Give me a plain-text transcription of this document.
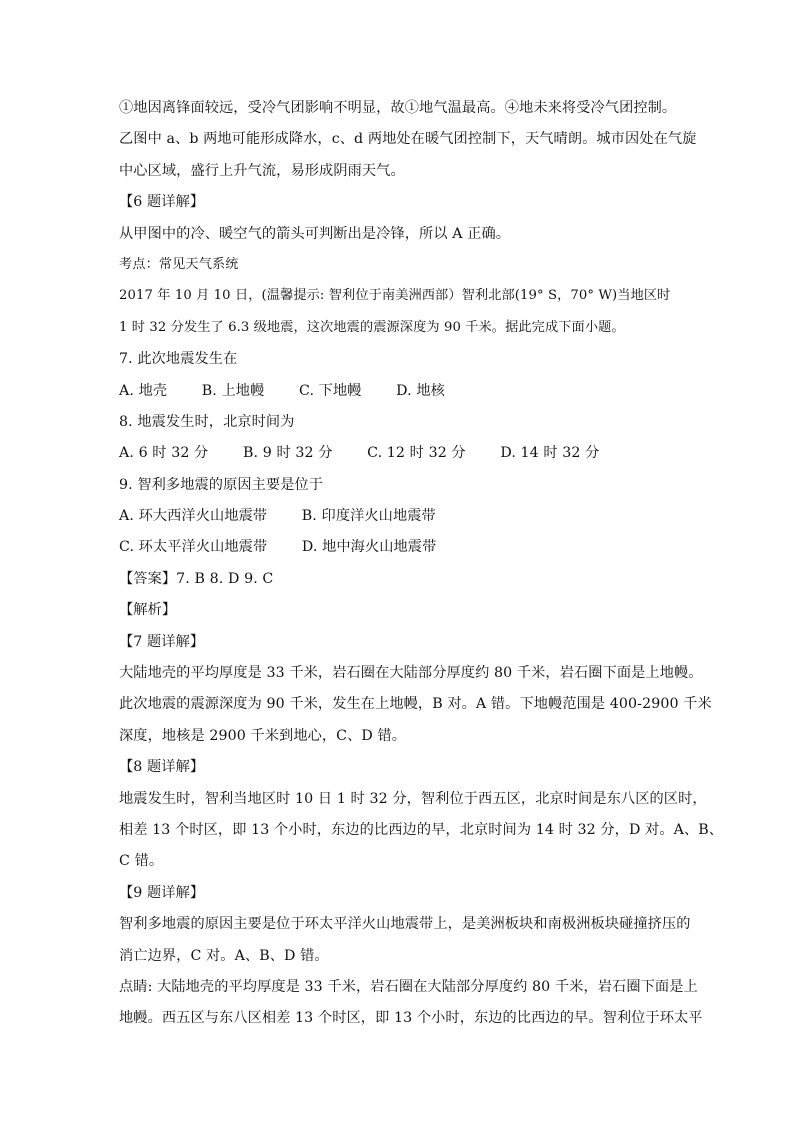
①地因离锋面较远，受冷气团影响不明显，故①地气温最高。④地未来将受冷气团控制。
乙图中 a、b 两地可能形成降水，c、d 两地处在暖气团控制下，天气晴朗。城市因处在气旋
中心区域，盛行上升气流，易形成阴雨天气。
【6 题详解】
从甲图中的冷、暖空气的箭头可判断出是冷锋，所以 A 正确。
考点：常见天气系统
2017 年 10 月 10 日，(温馨提示: 智利位于南美洲西部）智利北部(19° S，70° W)当地区时
1 时 32 分发生了 6.3 级地震，这次地震的震源深度为 90 千米。据此完成下面小题。
7. 此次地震发生在
A. 地壳 B. 上地幔 C. 下地幔 D. 地核
8. 地震发生时，北京时间为
A. 6 时 32 分 B. 9 时 32 分 C. 12 时 32 分 D. 14 时 32 分
9. 智利多地震的原因主要是位于
A. 环大西洋火山地震带 B. 印度洋火山地震带
C. 环太平洋火山地震带 D. 地中海火山地震带
【答案】7. B 8. D 9. C
【解析】
【7 题详解】
大陆地壳的平均厚度是 33 千米，岩石圈在大陆部分厚度约 80 千米，岩石圈下面是上地幔。
此次地震的震源深度为 90 千米，发生在上地幔，B 对。A 错。下地幔范围是 400-2900 千米
深度，地核是 2900 千米到地心，C、D 错。
【8 题详解】
地震发生时，智利当地区时 10 日 1 时 32 分，智利位于西五区，北京时间是东八区的区时，
相差 13 个时区，即 13 个小时，东边的比西边的早，北京时间为 14 时 32 分，D 对。A、B、
C 错。
【9 题详解】
智利多地震的原因主要是位于环太平洋火山地震带上，是美洲板块和南极洲板块碰撞挤压的
消亡边界，C 对。A、B、D 错。
点睛: 大陆地壳的平均厚度是 33 千米，岩石圈在大陆部分厚度约 80 千米，岩石圈下面是上
地幔。西五区与东八区相差 13 个时区，即 13 个小时，东边的比西边的早。智利位于环太平
